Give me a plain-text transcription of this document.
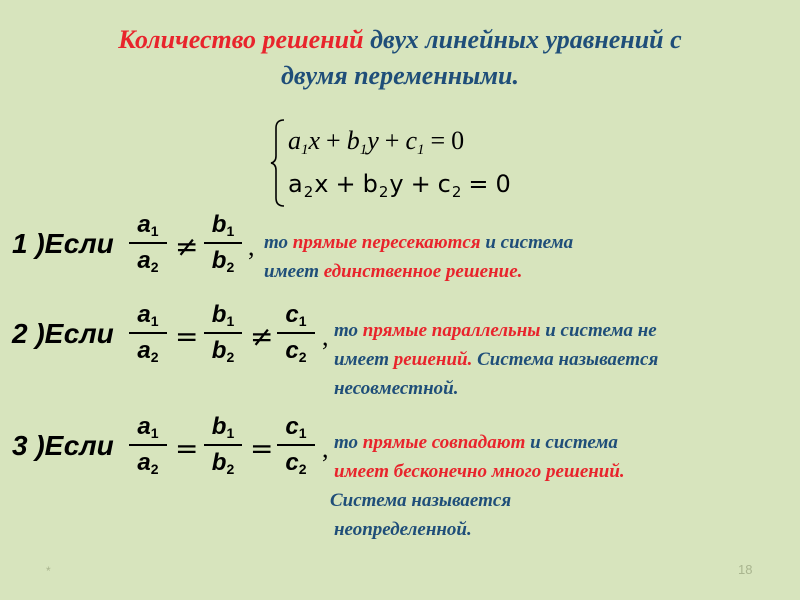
Количество решений двух линейных уравнений с
двумя переменными.
$a_1x + b_1y + c_1 = 0$
$a_2x + b_2y + c_2 = 0$
1 )Если
$a_1$
$a_2$
≠
$b_1$
$b_2$
, то прямые пересекаются и система
имеет единственное решение.
2 )Если
$a_1$
$a_2$
=
$b_1$
$b_2$
≠
$c_1$
$c_2$
, то прямые параллельны и система не
имеет решений. Система называется
несовместной.
3 )Если
$a_1$
$a_2$
=
$b_1$
$b_2$
=
$c_1$
$c_2$
, то прямые совпадают и система
имеет бесконечно много решений.
Система называется
неопределенной.
*	18
